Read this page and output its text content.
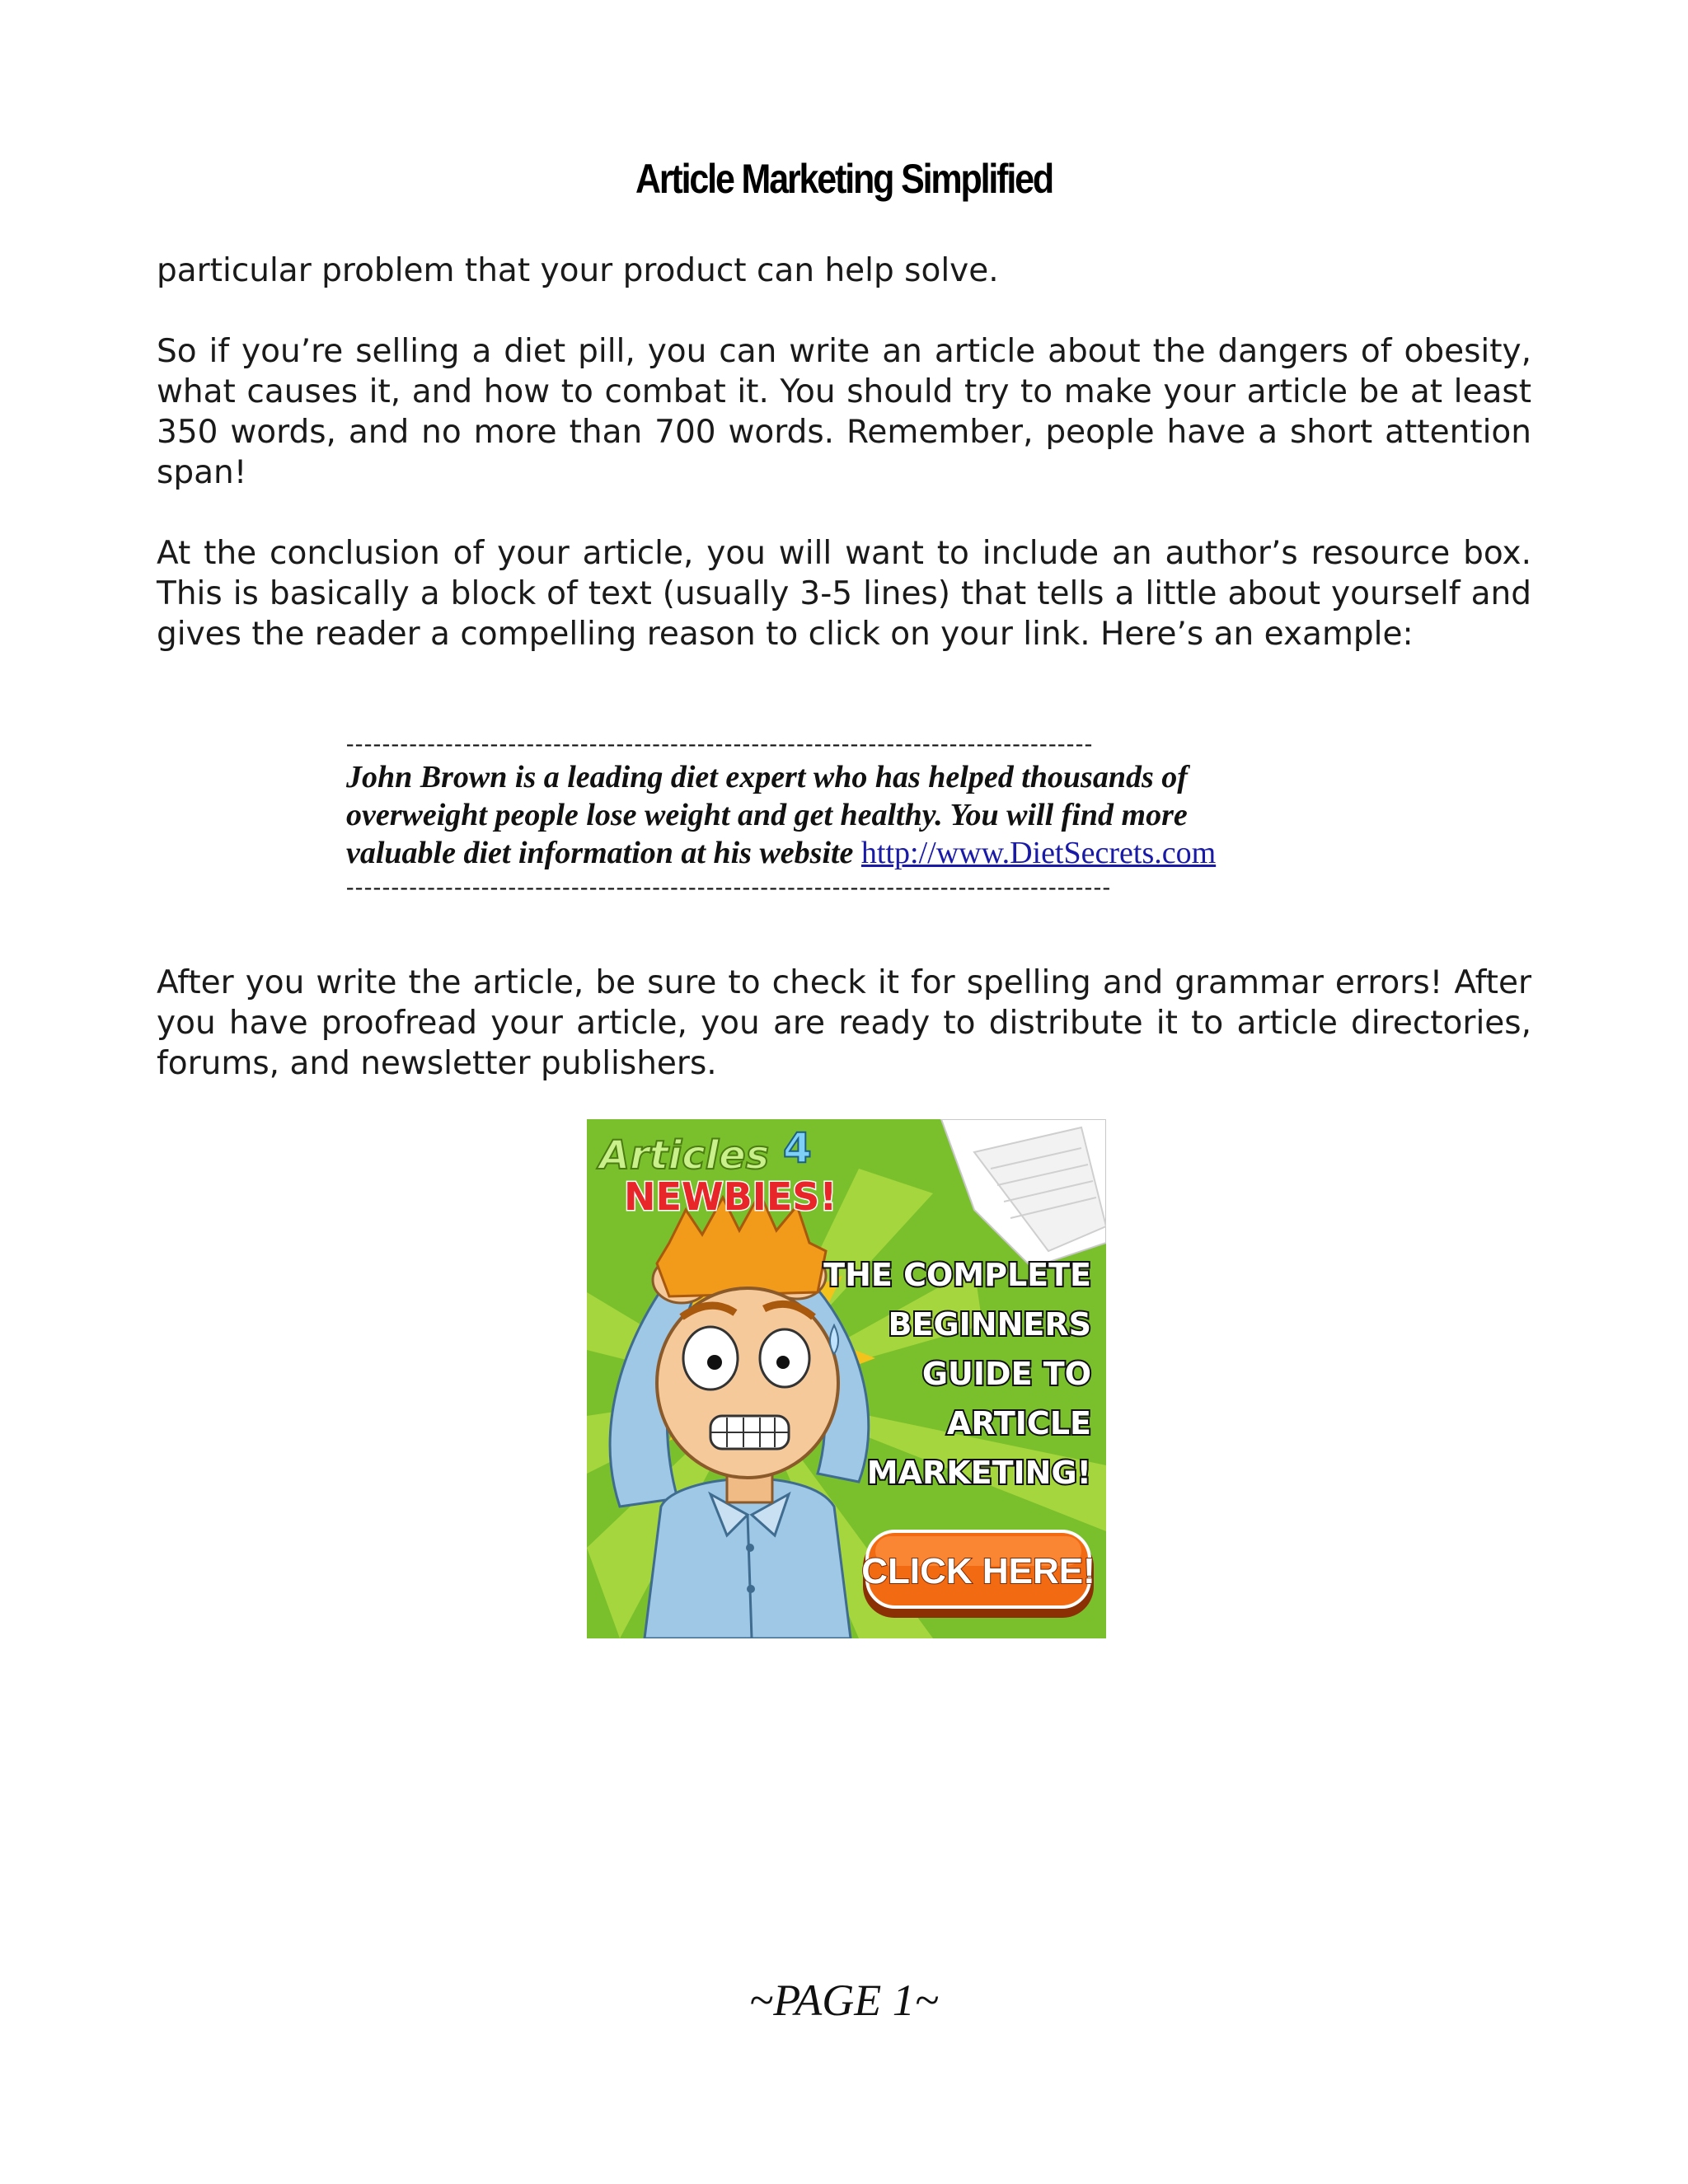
Article Marketing Simplified

particular problem that your product can help solve.

So if you’re selling a diet pill, you can write an article about the dangers of obesity, what causes it, and how to combat it. You should try to make your article be at least 350 words, and no more than 700 words. Remember, people have a short attention span!

At the conclusion of your article, you will want to include an author’s resource box. This is basically a block of text (usually 3-5 lines) that tells a little about yourself and gives the reader a compelling reason to click on your link. Here’s an example:

-----------------------------------------------------------------------------------
John Brown is a leading diet expert who has helped thousands of overweight people lose weight and get healthy. You will find more valuable diet information at his website http://www.DietSecrets.com
-------------------------------------------------------------------------------------

After you write the article, be sure to check it for spelling and grammar errors! After you have proofread your article, you are ready to distribute it to article directories, forums, and newsletter publishers.

Articles 4
NEWBIES!
THE COMPLETE
BEGINNERS
GUIDE TO
ARTICLE
MARKETING!
CLICK HERE!
~PAGE 1~
